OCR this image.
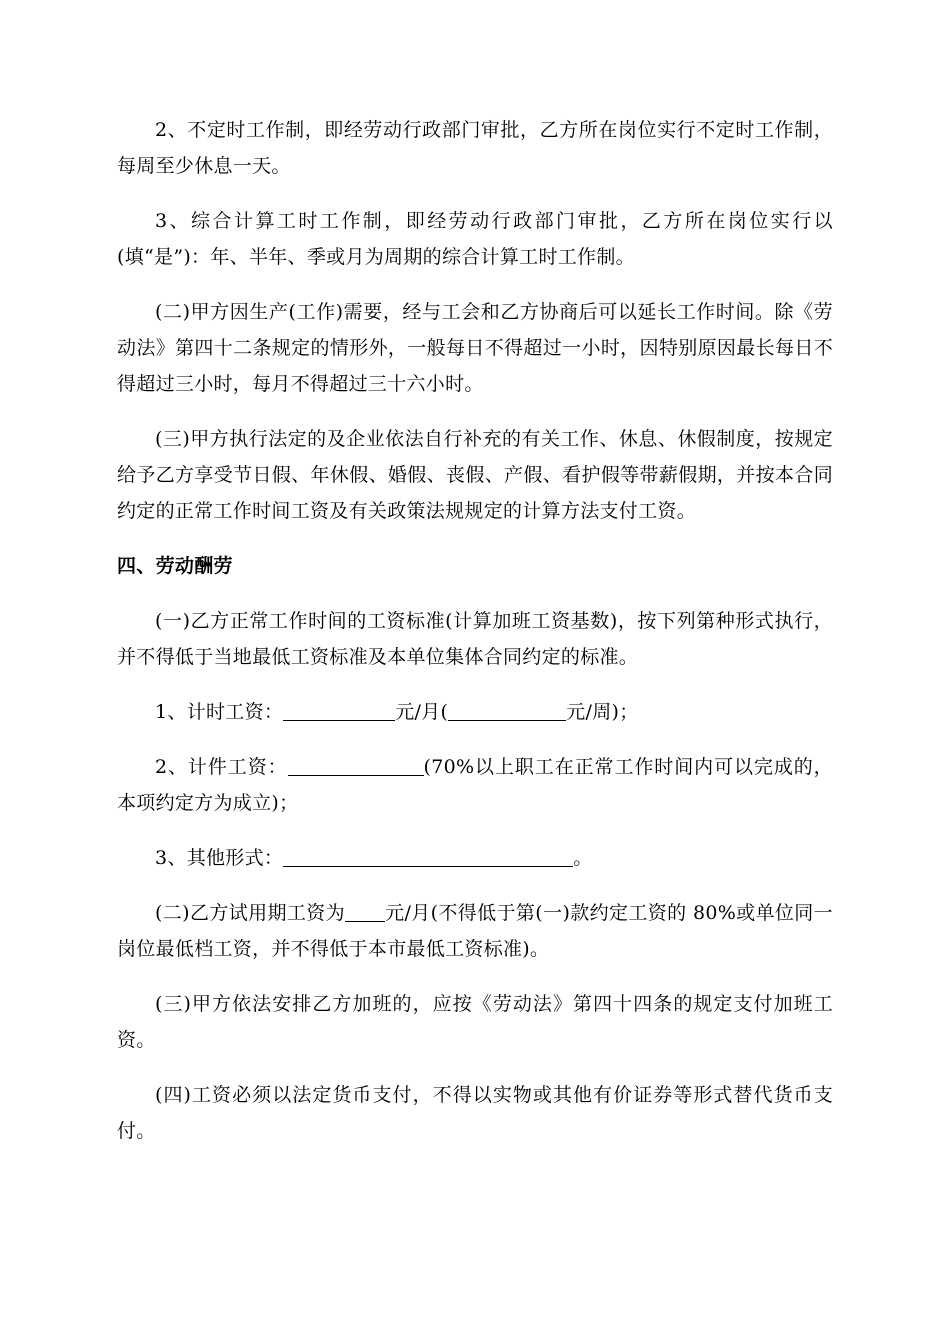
2、不定时工作制，即经劳动行政部门审批，乙方所在岗位实行不定时工作制，每周至少休息一天。

3、综合计算工时工作制，即经劳动行政部门审批，乙方所在岗位实行以(填“是”)：年、半年、季或月为周期的综合计算工时工作制。

(二)甲方因生产(工作)需要，经与工会和乙方协商后可以延长工作时间。除《劳动法》第四十二条规定的情形外，一般每日不得超过一小时，因特别原因最长每日不得超过三小时，每月不得超过三十六小时。

(三)甲方执行法定的及企业依法自行补充的有关工作、休息、休假制度，按规定给予乙方享受节日假、年休假、婚假、丧假、产假、看护假等带薪假期，并按本合同约定的正常工作时间工资及有关政策法规规定的计算方法支付工资。

四、劳动酬劳

(一)乙方正常工作时间的工资标准(计算加班工资基数)，按下列第种形式执行，并不得低于当地最低工资标准及本单位集体合同约定的标准。

1、计时工资：	元/月(	元/周)；

2、计件工资：	(70%以上职工在正常工作时间内可以完成的，本项约定方为成立)；

3、其他形式：	。

(二)乙方试用期工资为 元/月(不得低于第(一)款约定工资的 80%或单位同一岗位最低档工资，并不得低于本市最低工资标准)。

(三)甲方依法安排乙方加班的，应按《劳动法》第四十四条的规定支付加班工资。

(四)工资必须以法定货币支付，不得以实物或其他有价证券等形式替代货币支付。
